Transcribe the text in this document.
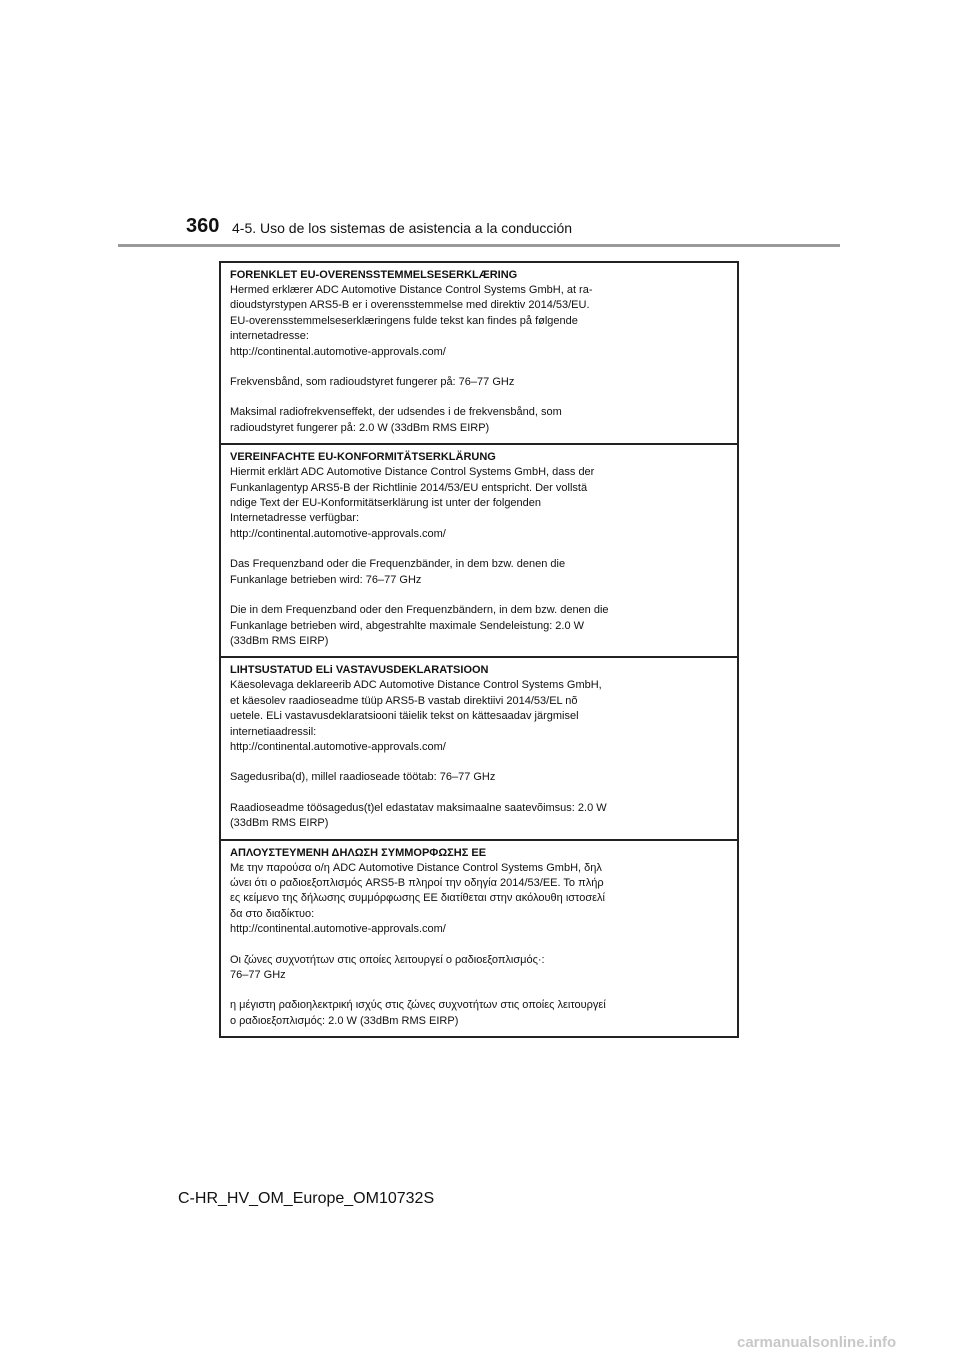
360 4-5. Uso de los sistemas de asistencia a la conducción
FORENKLET EU-OVERENSSTEMMELSESERKLÆRING
Hermed erklærer ADC Automotive Distance Control Systems GmbH, at ra-
dioudstyrstypen ARS5-B er i overensstemmelse med direktiv 2014/53/EU.
EU-overensstemmelseserklæringens fulde tekst kan findes på følgende
internetadresse:
http://continental.automotive-approvals.com/
Frekvensbånd, som radioudstyret fungerer på: 76–77 GHz
Maksimal radiofrekvenseffekt, der udsendes i de frekvensbånd, som
radioudstyret fungerer på: 2.0 W (33dBm RMS EIRP)
VEREINFACHTE EU-KONFORMITÄTSERKLÄRUNG
Hiermit erklärt ADC Automotive Distance Control Systems GmbH, dass der
Funkanlagentyp ARS5-B der Richtlinie 2014/53/EU entspricht. Der vollstä
ndige Text der EU-Konformitätserklärung ist unter der folgenden
Internetadresse verfügbar:
http://continental.automotive-approvals.com/
Das Frequenzband oder die Frequenzbänder, in dem bzw. denen die
Funkanlage betrieben wird: 76–77 GHz
Die in dem Frequenzband oder den Frequenzbändern, in dem bzw. denen die
Funkanlage betrieben wird, abgestrahlte maximale Sendeleistung: 2.0 W
(33dBm RMS EIRP)
LIHTSUSTATUD ELi VASTAVUSDEKLARATSIOON
Käesolevaga deklareerib ADC Automotive Distance Control Systems GmbH,
et käesolev raadioseadme tüüp ARS5-B vastab direktiivi 2014/53/EL nõ
uetele. ELi vastavusdeklaratsiooni täielik tekst on kättesaadav järgmisel
internetiaadressil:
http://continental.automotive-approvals.com/
Sagedusriba(d), millel raadioseade töötab: 76–77 GHz
Raadioseadme töösagedus(t)el edastatav maksimaalne saatevõimsus: 2.0 W
(33dBm RMS EIRP)
ΑΠΛΟΥΣΤΕΥΜΕΝΗ ΔΗΛΩΣΗ ΣΥΜΜΟΡΦΩΣΗΣ ΕΕ
Με την παρούσα ο/η ADC Automotive Distance Control Systems GmbH, δηλ
ώνει ότι ο ραδιοεξοπλισμός ARS5-B πληροί την οδηγία 2014/53/ΕΕ. Το πλήρ
ες κείμενο της δήλωσης συμμόρφωσης ΕΕ διατίθεται στην ακόλουθη ιστοσελί
δα στο διαδίκτυο:
http://continental.automotive-approvals.com/
Οι ζώνες συχνοτήτων στις οποίες λειτουργεί ο ραδιοεξοπλισμός·:
76–77 GHz
η μέγιστη ραδιοηλεκτρική ισχύς στις ζώνες συχνοτήτων στις οποίες λειτουργεί
ο ραδιοεξοπλισμός: 2.0 W (33dBm RMS EIRP)
C-HR_HV_OM_Europe_OM10732S
carmanualsonline.info
